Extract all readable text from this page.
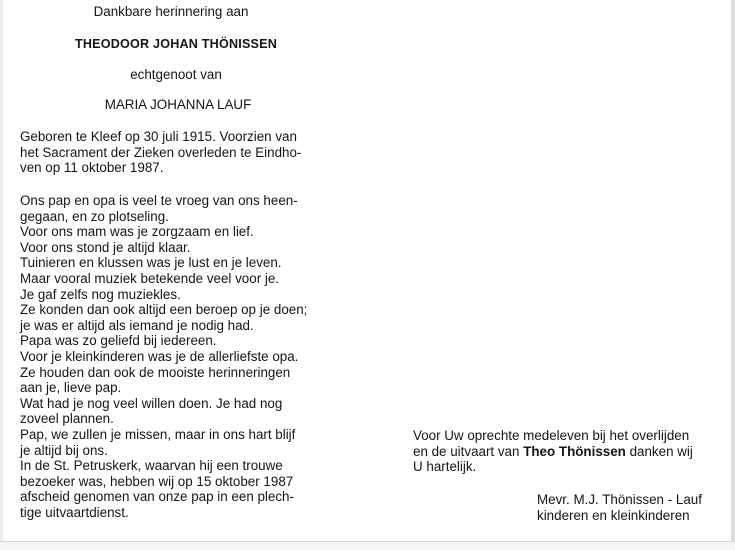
Dankbare herinnering aan
THEODOOR JOHAN THÖNISSEN
echtgenoot van
MARIA JOHANNA LAUF
Geboren te Kleef op 30 juli 1915. Voorzien van
het Sacrament der Zieken overleden te Eindho-
ven op 11 oktober 1987.
Ons pap en opa is veel te vroeg van ons heen-
gegaan, en zo plotseling.
Voor ons mam was je zorgzaam en lief.
Voor ons stond je altijd klaar.
Tuinieren en klussen was je lust en je leven.
Maar vooral muziek betekende veel voor je.
Je gaf zelfs nog muziekles.
Ze konden dan ook altijd een beroep op je doen;
je was er altijd als iemand je nodig had.
Papa was zo geliefd bij iedereen.
Voor je kleinkinderen was je de allerliefste opa.
Ze houden dan ook de mooiste herinneringen
aan je, lieve pap.
Wat had je nog veel willen doen. Je had nog
zoveel plannen.
Pap, we zullen je missen, maar in ons hart blijf
je altijd bij ons.
In de St. Petruskerk, waarvan hij een trouwe
bezoeker was, hebben wij op 15 oktober 1987
afscheid genomen van onze pap in een plech-
tige uitvaartdienst.
Voor Uw oprechte medeleven bij het overlijden
en de uitvaart van Theo Thönissen danken wij
U hartelijk.
Mevr. M.J. Thönissen - Lauf
kinderen en kleinkinderen
